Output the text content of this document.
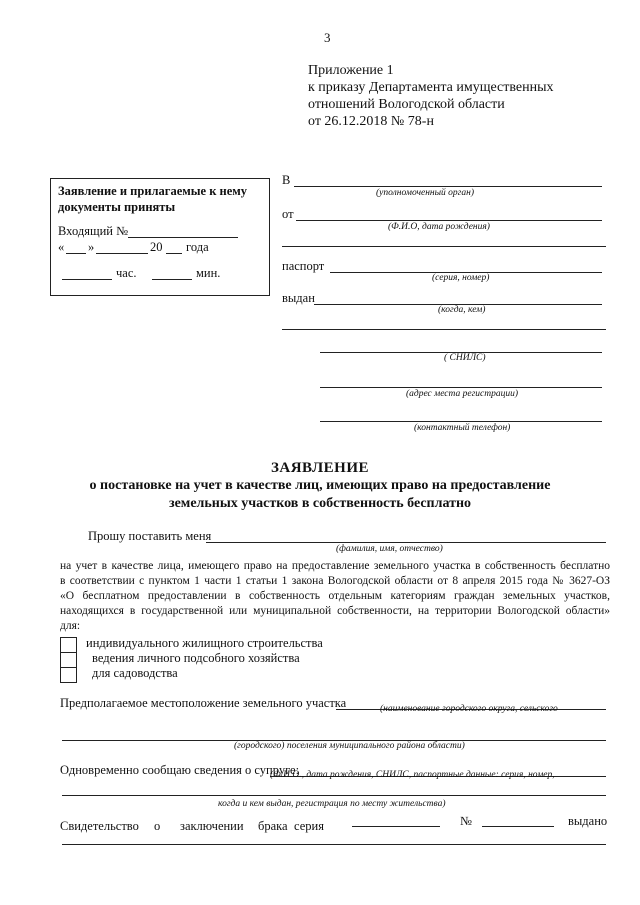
3
Приложение 1
к приказу Департамента имущественных
отношений Вологодской области
от 26.12.2018 № 78-н
Заявление и прилагаемые к нему
документы приняты
Входящий №
« »	20 года
час.	мин.
В
(уполномоченный орган)
от
(Ф.И.О, дата рождения)
паспорт
(серия, номер)
выдан
(когда, кем)
( СНИЛС)
(адрес места регистрации)
(контактный телефон)
ЗАЯВЛЕНИЕ
о постановке на учет в качестве лиц, имеющих право на предоставление
земельных участков в собственность бесплатно
Прошу поставить меня
(фамилия, имя, отчество)
на учет в качестве лица, имеющего право на предоставление земельного участка в собственность бесплатно
в соответствии с пунктом 1 части 1 статьи 1 закона Вологодской области от 8 апреля 2015 года № 3627-ОЗ
«О бесплатном предоставлении в собственность отдельным категориям граждан земельных участков,
находящихся в государственной или муниципальной собственности, на территории Вологодской области»
для:
индивидуального жилищного строительства
ведения личного подсобного хозяйства
для садоводства
Предполагаемое местоположение земельного участка	(наименование городского округа, сельского
(городского) поселения муниципального района области)
Одновременно сообщаю сведения о супруге:
(Ф.И.О., дата рождения, СНИЛС, паспортные данные: серия, номер,
когда и кем выдан, регистрация по месту жительства)
Свидетельство о заключении брака серия	№	выдано
